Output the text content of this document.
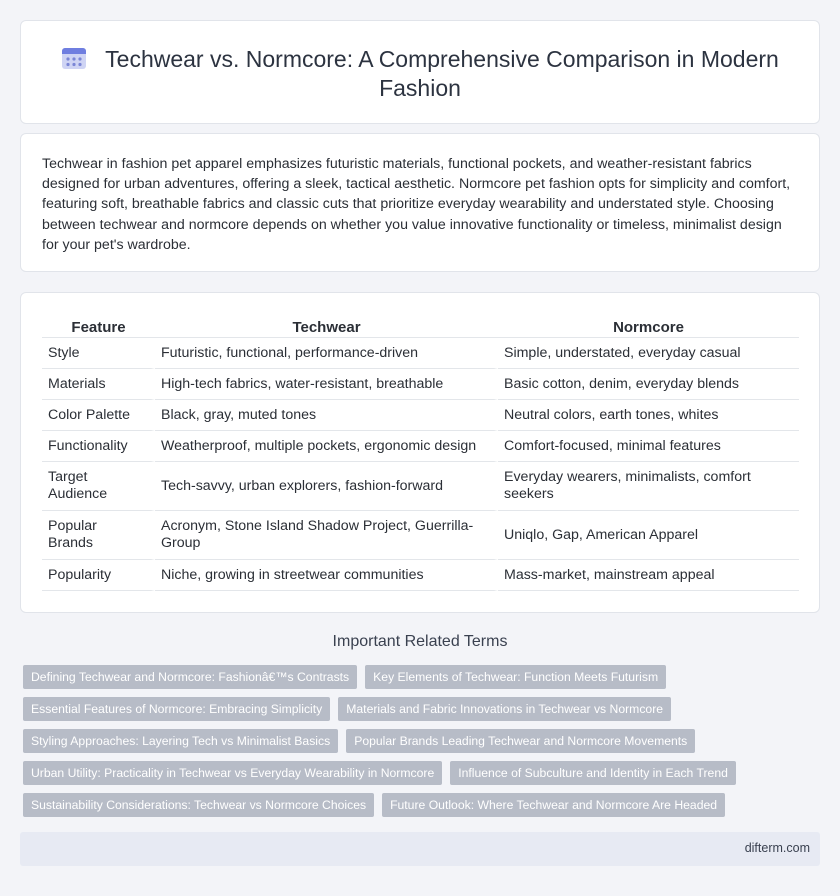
Techwear vs. Normcore: A Comprehensive Comparison in Modern Fashion

Techwear in fashion pet apparel emphasizes futuristic materials, functional pockets, and weather-resistant fabrics designed for urban adventures, offering a sleek, tactical aesthetic. Normcore pet fashion opts for simplicity and comfort, featuring soft, breathable fabrics and classic cuts that prioritize everyday wearability and understated style. Choosing between techwear and normcore depends on whether you value innovative functionality or timeless, minimalist design for your pet's wardrobe.

Feature	Techwear	Normcore
Style	Futuristic, functional, performance-driven	Simple, understated, everyday casual
Materials	High-tech fabrics, water-resistant, breathable	Basic cotton, denim, everyday blends
Color Palette	Black, gray, muted tones	Neutral colors, earth tones, whites
Functionality	Weatherproof, multiple pockets, ergonomic design	Comfort-focused, minimal features
Target Audience	Tech-savvy, urban explorers, fashion-forward	Everyday wearers, minimalists, comfort seekers
Popular Brands	Acronym, Stone Island Shadow Project, Guerrilla-Group	Uniqlo, Gap, American Apparel
Popularity	Niche, growing in streetwear communities	Mass-market, mainstream appeal
Important Related Terms
Defining Techwear and Normcore: Fashionâ€™s Contrasts	Key Elements of Techwear: Function Meets Futurism
Essential Features of Normcore: Embracing Simplicity	Materials and Fabric Innovations in Techwear vs Normcore
Styling Approaches: Layering Tech vs Minimalist Basics	Popular Brands Leading Techwear and Normcore Movements
Urban Utility: Practicality in Techwear vs Everyday Wearability in Normcore	Influence of Subculture and Identity in Each Trend
Sustainability Considerations: Techwear vs Normcore Choices	Future Outlook: Where Techwear and Normcore Are Headed
difterm.com
